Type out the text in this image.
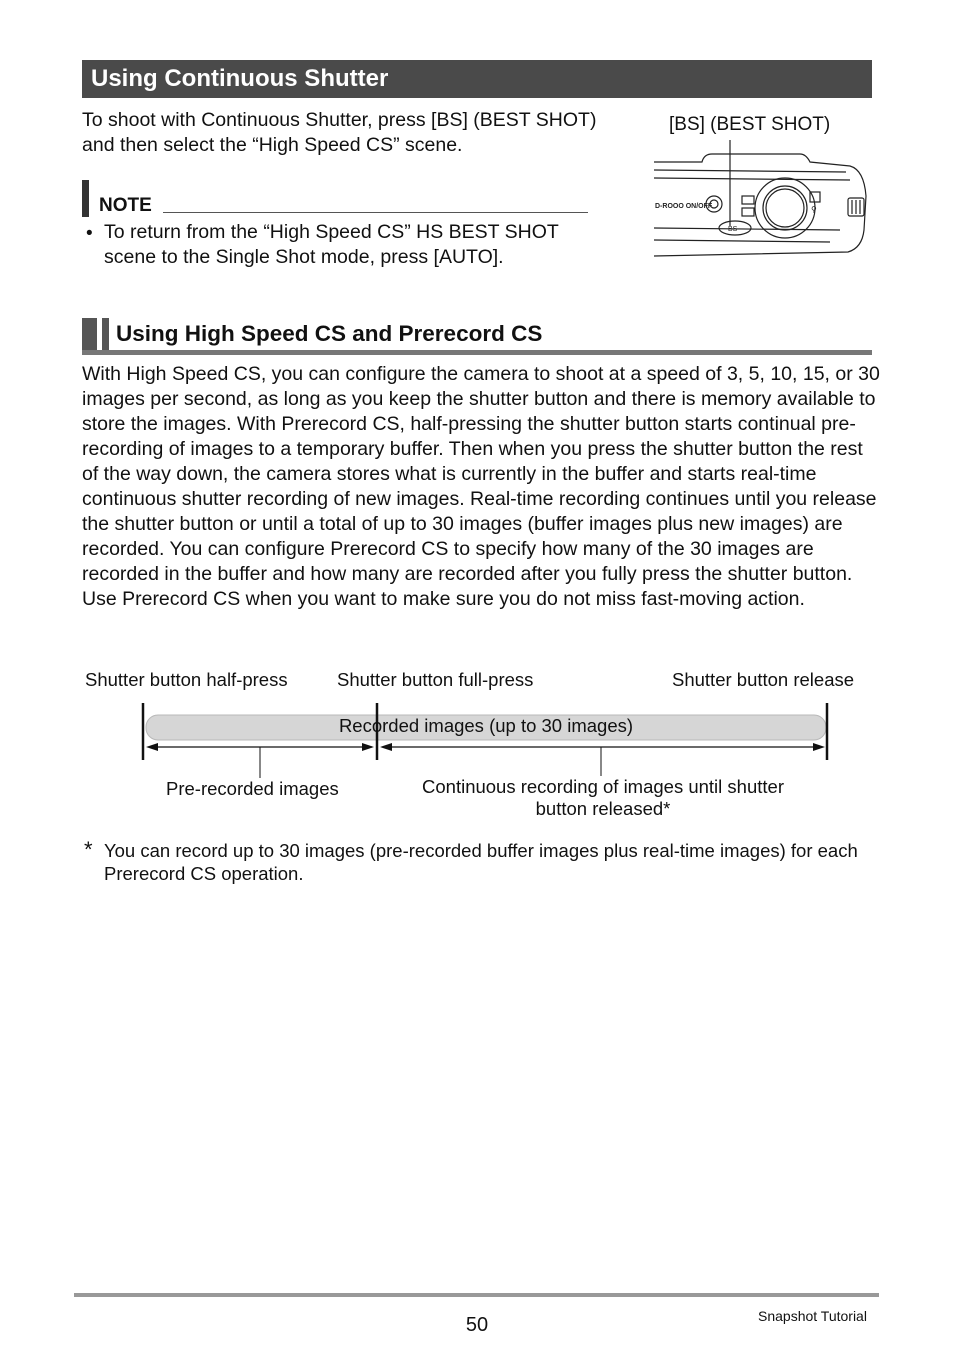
Using Continuous Shutter
To shoot with Continuous Shutter, press [BS] (BEST SHOT) and then select the “High Speed CS” scene.
[BS] (BEST SHOT)
D-ROOO ON/OFF
BS
⚲
NOTE
• To return from the “High Speed CS” HS BEST SHOT scene to the Single Shot mode, press [AUTO].
Using High Speed CS and Prerecord CS
With High Speed CS, you can configure the camera to shoot at a speed of 3, 5, 10, 15, or 30 images per second, as long as you keep the shutter button and there is memory available to store the images. With Prerecord CS, half-pressing the shutter button starts continual pre-recording of images to a temporary buffer. Then when you press the shutter button the rest of the way down, the camera stores what is currently in the buffer and starts real-time continuous shutter recording of new images. Real-time recording continues until you release the shutter button or until a total of up to 30 images (buffer images plus new images) are recorded. You can configure Prerecord CS to specify how many of the 30 images are recorded in the buffer and how many are recorded after you fully press the shutter button. Use Prerecord CS when you want to make sure you do not miss fast-moving action.
Shutter button half-press	Shutter button full-press	Shutter button release
Recorded images (up to 30 images)
Pre-recorded images	Continuous recording of images until shutter button released*
* You can record up to 30 images (pre-recorded buffer images plus real-time images) for each Prerecord CS operation.
50	Snapshot Tutorial
